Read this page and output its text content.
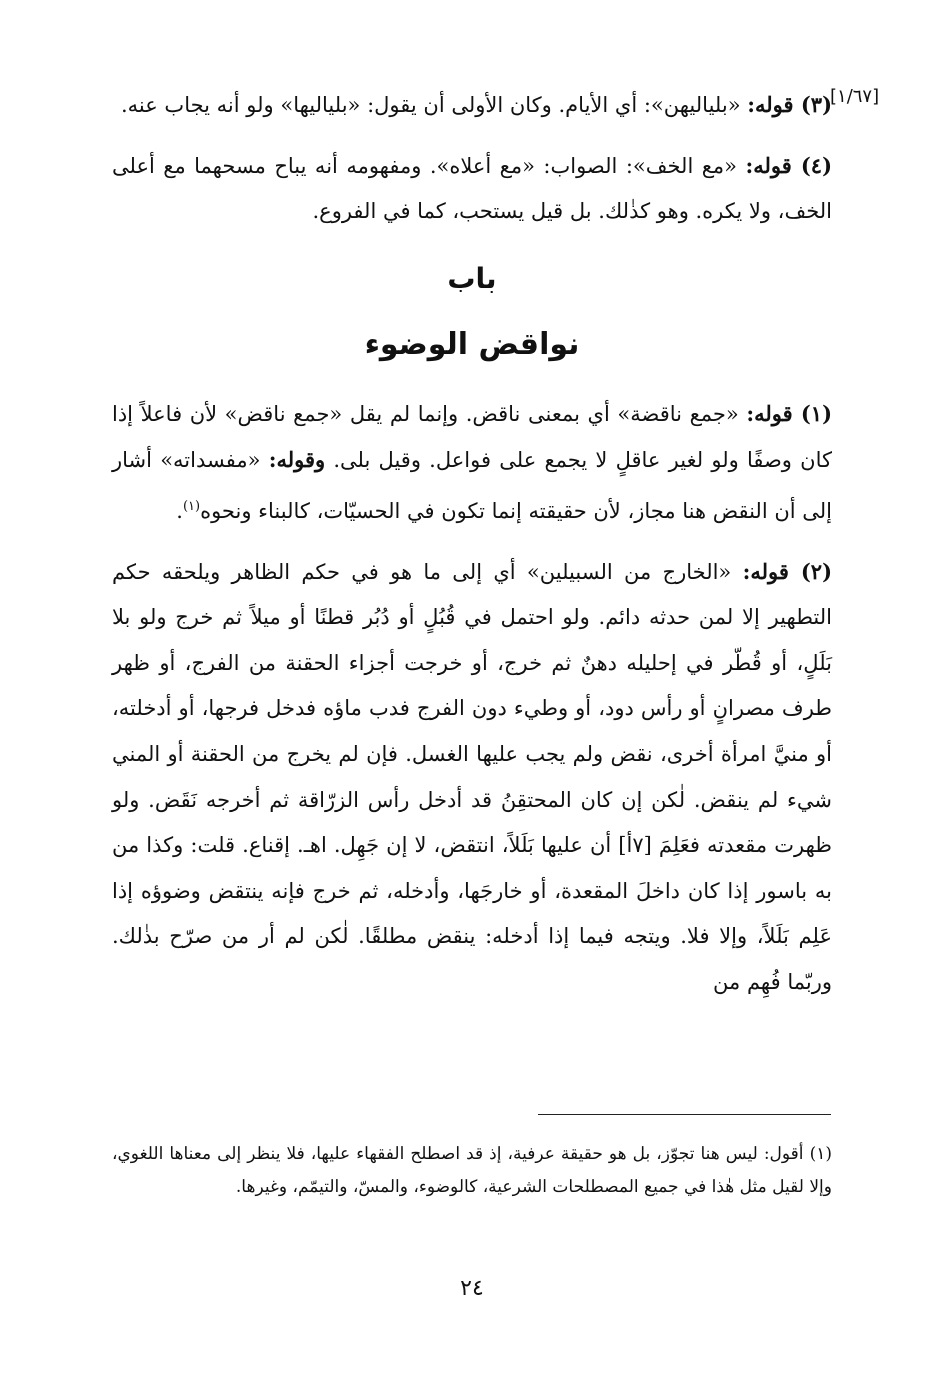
[١/٦٧]

(٣) قوله: «بلياليهن»: أي الأيام. وكان الأولى أن يقول: «بلياليها» ولو أنه يجاب عنه.

(٤) قوله: «مع الخف»: الصواب: «مع أعلاه». ومفهومه أنه يباح مسحهما مع أعلى الخف، ولا يكره. وهو كذٰلك. بل قيل يستحب، كما في الفروع.

باب
نواقض الوضوء

(١) قوله: «جمع ناقضة» أي بمعنى ناقض. وإنما لم يقل «جمع ناقض» لأن فاعلاً إذا كان وصفًا ولو لغير عاقلٍ لا يجمع على فواعل. وقيل بلى. وقوله: «مفسداته» أشار إلى أن النقض هنا مجاز، لأن حقيقته إنما تكون في الحسيّات، كالبناء ونحوه$^{(١)}$.

(٢) قوله: «الخارج من السبيلين» أي إلى ما هو في حكم الظاهر ويلحقه حكم التطهير إلا لمن حدثه دائم. ولو احتمل في قُبُلٍ أو دُبُر قطنًا أو ميلاً ثم خرج ولو بلا بَلَلٍ، أو قُطّر في إحليله دهنٌ ثم خرج، أو خرجت أجزاء الحقنة من الفرج، أو ظهر طرف مصرانٍ أو رأس دود، أو وطيء دون الفرج فدب ماؤه فدخل فرجها، أو أدخلته، أو منيَّ امرأة أخرى، نقض ولم يجب عليها الغسل. فإن لم يخرج من الحقنة أو المني شيء لم ينقض. لٰكن إن كان المحتقِنُ قد أدخل رأس الزرّاقة ثم أخرجه نَقَض. ولو ظهرت مقعدته فعَلِمَ [٧أ] أن عليها بَلَلاً، انتقض، لا إن جَهِل. اهـ. إقناع. قلت: وكذا من به باسور إذا كان داخلَ المقعدة، أو خارجَها، وأدخله، ثم خرج فإنه ينتقض وضوؤه إذا عَلِم بَلَلاً، وإلا فلا. ويتجه فيما إذا أدخله: ينقض مطلقًا. لٰكن لم أر من صرّح بذٰلك. وربّما فُهِم من

(١) أقول: ليس هنا تجوّز، بل هو حقيقة عرفية، إذ قد اصطلح الفقهاء عليها، فلا ينظر إلى معناها اللغوي، وإلا لقيل مثل هٰذا في جميع المصطلحات الشرعية، كالوضوء، والمسّ، والتيمّم، وغيرها.
٢٤
